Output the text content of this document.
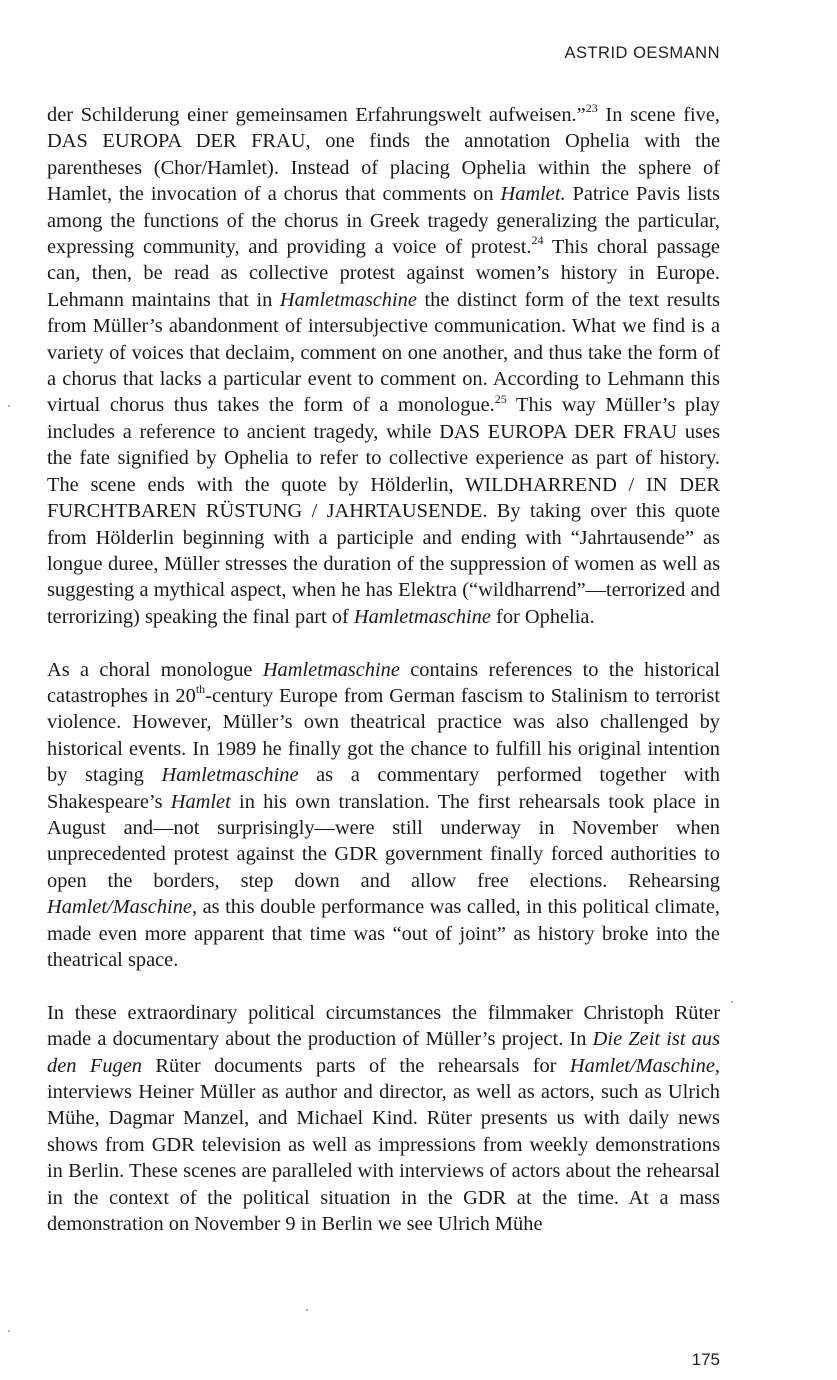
ASTRID OESMANN

der Schilderung einer gemeinsamen Erfahrungswelt aufweisen.”$^{23}$ In scene five, DAS EUROPA DER FRAU, one finds the annotation Ophelia with the parentheses (Chor/Hamlet). Instead of placing Ophelia within the sphere of Hamlet, the invocation of a chorus that comments on Hamlet. Patrice Pavis lists among the functions of the chorus in Greek tragedy generalizing the particular, expressing community, and providing a voice of protest.$^{24}$ This choral passage can, then, be read as collective protest against women’s history in Europe. Lehmann maintains that in Hamletmaschine the distinct form of the text results from Müller’s abandonment of intersubjective communication. What we find is a variety of voices that declaim, comment on one another, and thus take the form of a chorus that lacks a particular event to comment on. According to Lehmann this virtual chorus thus takes the form of a monologue.$^{25}$ This way Müller’s play includes a reference to ancient tragedy, while DAS EUROPA DER FRAU uses the fate signified by Ophelia to refer to collective experience as part of history. The scene ends with the quote by Hölderlin, WILDHARREND / IN DER FURCHTBAREN RÜSTUNG / JAHRTAUSENDE. By taking over this quote from Hölderlin beginning with a participle and ending with “Jahrtausende” as longue duree, Müller stresses the duration of the suppression of women as well as suggesting a mythical aspect, when he has Elektra (“wildharrend”—terrorized and terrorizing) speaking the final part of Hamletmaschine for Ophelia.

As a choral monologue Hamletmaschine contains references to the historical catastrophes in 20th-century Europe from German fascism to Stalinism to terrorist violence. However, Müller’s own theatrical practice was also challenged by historical events. In 1989 he finally got the chance to fulfill his original intention by staging Hamletmaschine as a commentary performed together with Shakespeare’s Hamlet in his own translation. The first rehearsals took place in August and—not surprisingly—were still underway in November when unprecedented protest against the GDR government finally forced authorities to open the borders, step down and allow free elections. Rehearsing Hamlet/Maschine, as this double performance was called, in this political climate, made even more apparent that time was “out of joint” as history broke into the theatrical space.

In these extraordinary political circumstances the filmmaker Christoph Rüter made a documentary about the production of Müller’s project. In Die Zeit ist aus den Fugen Rüter documents parts of the rehearsals for Hamlet/Maschine, interviews Heiner Müller as author and director, as well as actors, such as Ulrich Mühe, Dagmar Manzel, and Michael Kind. Rüter presents us with daily news shows from GDR television as well as impressions from weekly demonstrations in Berlin. These scenes are paralleled with interviews of actors about the rehearsal in the context of the political situation in the GDR at the time. At a mass demonstration on November 9 in Berlin we see Ulrich Mühe

175
